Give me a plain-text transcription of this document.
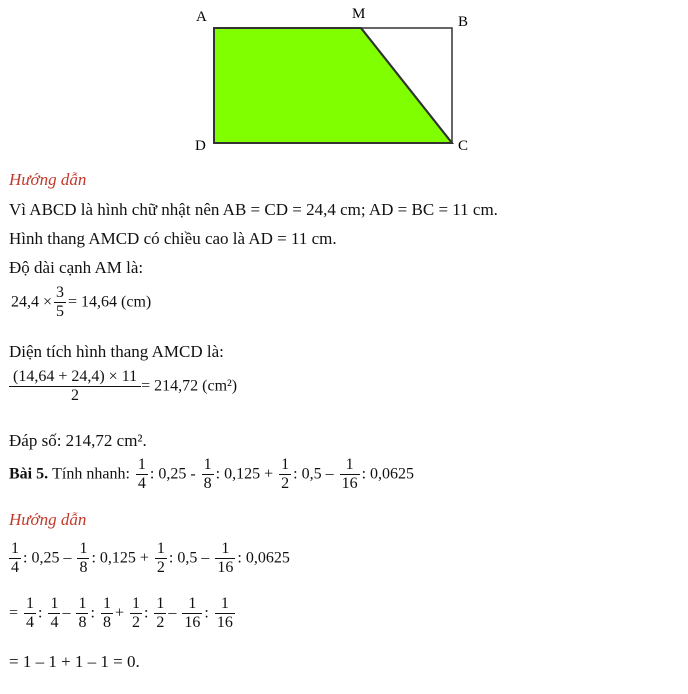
A	M	B
D	C
Hướng dẫn
Vì ABCD là hình chữ nhật nên AB = CD = 24,4 cm; AD = BC = 11 cm.
Hình thang AMCD có chiều cao là AD = 11 cm.
Độ dài cạnh AM là:
$24,4 \times \frac{3}{5} = 14,64$ (cm)
Diện tích hình thang AMCD là:
$\frac{(14,64 + 24,4) \times 11}{2} = 214,72$ (cm²)
Đáp số: 214,72 cm².
Bài 5. Tính nhanh: $\frac{1}{4}$ : $0,25 - \frac{1}{8}$ : $0,125 + \frac{1}{2}$ : $0,5 - \frac{1}{16}$ : 0,0625
Hướng dẫn
$\frac{1}{4}$ : $0,25 - \frac{1}{8}$ : $0,125 + \frac{1}{2}$ : $0,5 - \frac{1}{16}$ : 0,0625
= $\frac{1}{4}$ : $\frac{1}{4} - \frac{1}{8}$ : $\frac{1}{8} + \frac{1}{2}$ : $\frac{1}{2} - \frac{1}{16}$ : $\frac{1}{16}$
= 1 – 1 + 1 – 1 = 0.
